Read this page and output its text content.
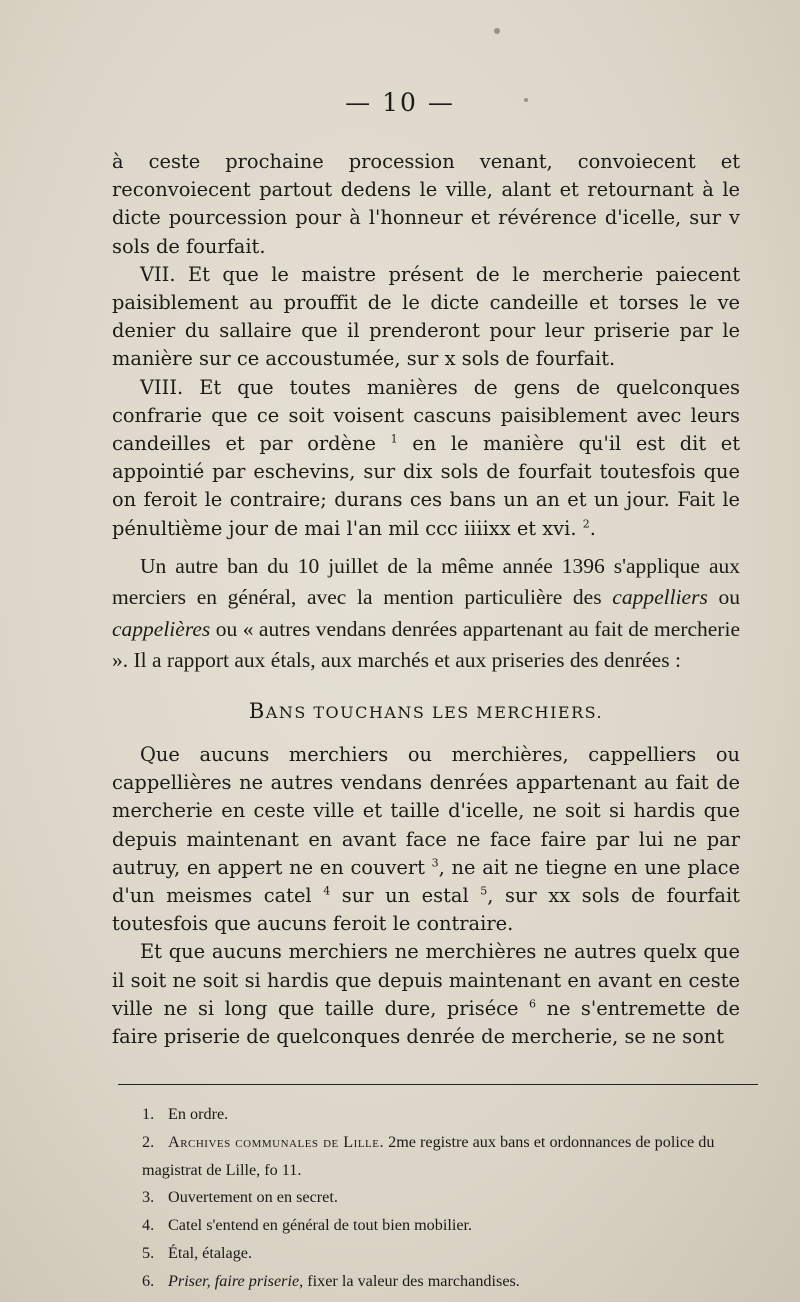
— 10 —

à ceste prochaine procession venant, convoiecent et reconvoiecent partout dedens le ville, alant et retournant à le dicte pourcession pour à l'honneur et révérence d'icelle, sur v sols de fourfait.

VII. Et que le maistre présent de le mercherie paiecent paisiblement au prouffit de le dicte candeille et torses le ve denier du sallaire que il prenderont pour leur priserie par le manière sur ce accoustumée, sur x sols de fourfait.

VIII. Et que toutes manières de gens de quelconques confrarie que ce soit voisent cascuns paisiblement avec leurs candeilles et par ordène $^1$ en le manière qu'il est dit et appointié par eschevins, sur dix sols de fourfait toutesfois que on feroit le contraire; durans ces bans un an et un jour. Fait le pénultième jour de mai l'an mil ccc iiiixx et xvi. $^2$.

Un autre ban du 10 juillet de la même année 1396 s'applique aux merciers en général, avec la mention particulière des cappelliers ou cappelières ou « autres vendans denrées appartenant au fait de mercherie ». Il a rapport aux étals, aux marchés et aux priseries des denrées :

BANS TOUCHANS LES MERCHIERS.

Que aucuns merchiers ou merchières, cappelliers ou cappellières ne autres vendans denrées appartenant au fait de mercherie en ceste ville et taille d'icelle, ne soit si hardis que depuis maintenant en avant face ne face faire par lui ne par autruy, en appert ne en couvert $^3$, ne ait ne tiegne en une place d'un meismes catel $^4$ sur un estal $^5$, sur xx sols de fourfait toutesfois que aucuns feroit le contraire.

Et que aucuns merchiers ne merchières ne autres quelx que il soit ne soit si hardis que depuis maintenant en avant en ceste ville ne si long que taille dure, priséce $^6$ ne s'entremette de faire priserie de quelconques denrée de mercherie, se ne sont

1. En ordre.
2. Archives communales de Lille. 2me registre aux bans et ordonnances de police du magistrat de Lille, fo 11.
3. Ouvertement on en secret.
4. Catel s'entend en général de tout bien mobilier.
5. Étal, étalage.
6. Priser, faire priserie, fixer la valeur des marchandises.
